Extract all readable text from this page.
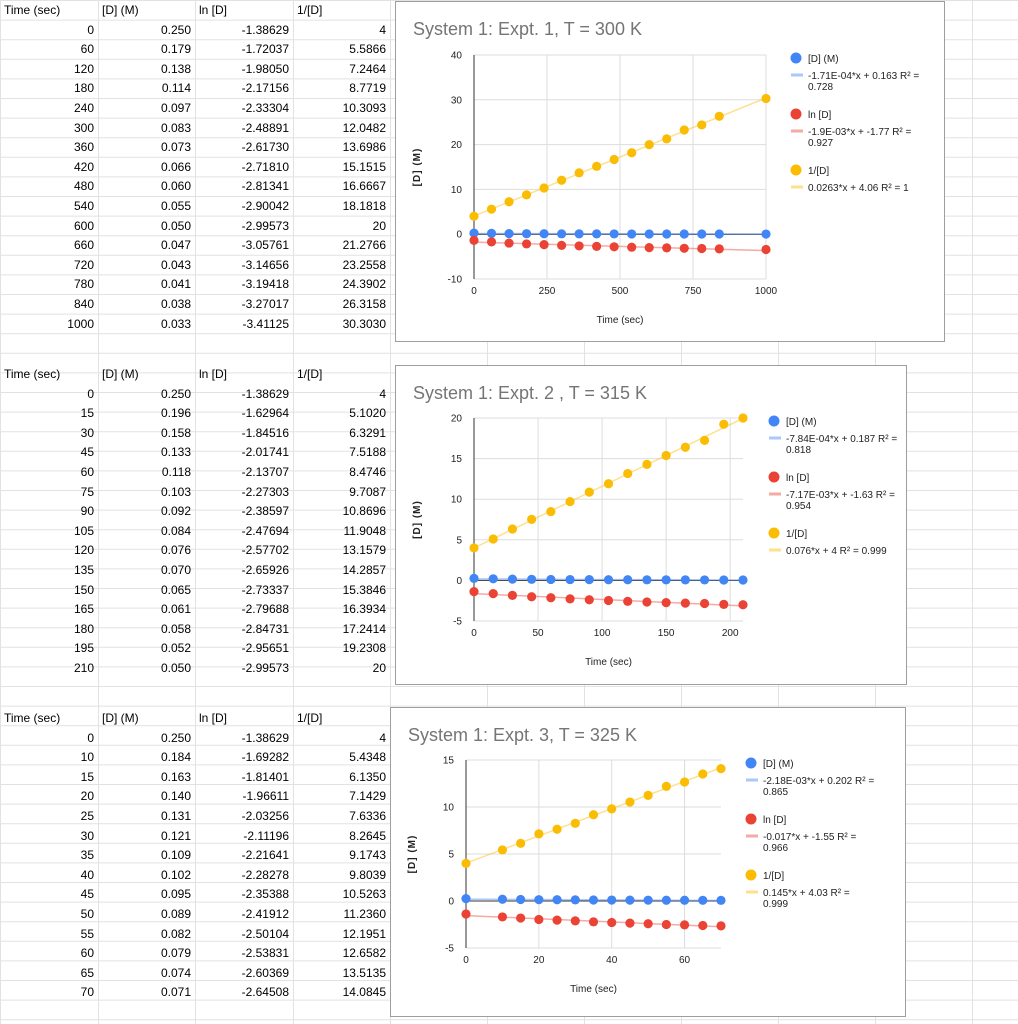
Time (sec)	[D] (M)	ln [D]	1/[D]
0	0.250	-1.38629	4
60	0.179	-1.72037	5.5866
120	0.138	-1.98050	7.2464
180	0.114	-2.17156	8.7719
240	0.097	-2.33304	10.3093
300	0.083	-2.48891	12.0482
360	0.073	-2.61730	13.6986
420	0.066	-2.71810	15.1515
480	0.060	-2.81341	16.6667
540	0.055	-2.90042	18.1818
600	0.050	-2.99573	20
660	0.047	-3.05761	21.2766
720	0.043	-3.14656	23.2558
780	0.041	-3.19418	24.3902
840	0.038	-3.27017	26.3158
1000	0.033	-3.41125	30.3030
Time (sec)	[D] (M)	ln [D]	1/[D]
0	0.250	-1.38629	4
15	0.196	-1.62964	5.1020
30	0.158	-1.84516	6.3291
45	0.133	-2.01741	7.5188
60	0.118	-2.13707	8.4746
75	0.103	-2.27303	9.7087
90	0.092	-2.38597	10.8696
105	0.084	-2.47694	11.9048
120	0.076	-2.57702	13.1579
135	0.070	-2.65926	14.2857
150	0.065	-2.73337	15.3846
165	0.061	-2.79688	16.3934
180	0.058	-2.84731	17.2414
195	0.052	-2.95651	19.2308
210	0.050	-2.99573	20
Time (sec)	[D] (M)	ln [D]	1/[D]
0	0.250	-1.38629	4
10	0.184	-1.69282	5.4348
15	0.163	-1.81401	6.1350
20	0.140	-1.96611	7.1429
25	0.131	-2.03256	7.6336
30	0.121	-2.11196	8.2645
35	0.109	-2.21641	9.1743
40	0.102	-2.28278	9.8039
45	0.095	-2.35388	10.5263
50	0.089	-2.41912	11.2360
55	0.082	-2.50104	12.1951
60	0.079	-2.53831	12.6582
65	0.074	-2.60369	13.5135
70	0.071	-2.64508	14.0845
System 1: Expt. 1, T = 300 K
-10
0
10
20
30
40
0	250	500	750	1000
Time (sec)
[D] (M)
[D] (M)
-1.71E-04*x + 0.163 R² =
0.728
ln [D]
-1.9E-03*x + -1.77 R² =
0.927
1/[D]
0.0263*x + 4.06 R² = 1
System 1: Expt. 2 , T = 315 K
-5
0
5
10
15
20
0	50	100	150	200
Time (sec)
[D] (M)
[D] (M)
-7.84E-04*x + 0.187 R² =
0.818
ln [D]
-7.17E-03*x + -1.63 R² =
0.954
1/[D]
0.076*x + 4 R² = 0.999
System 1: Expt. 3, T = 325 K
-5
0
5
10
15
0	20	40	60
Time (sec)
[D] (M)
[D] (M)
-2.18E-03*x + 0.202 R² =
0.865
ln [D]
-0.017*x + -1.55 R² =
0.966
1/[D]
0.145*x + 4.03 R² =
0.999
